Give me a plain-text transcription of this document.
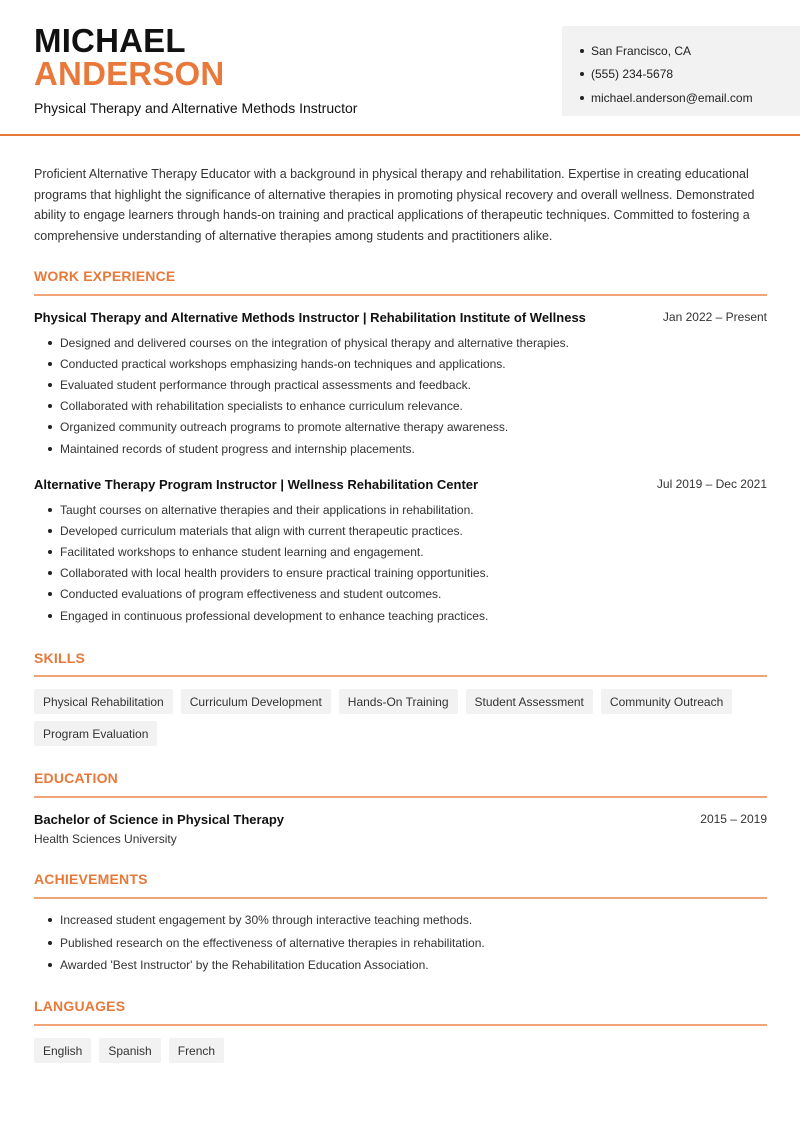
MICHAEL
ANDERSON
Physical Therapy and Alternative Methods Instructor
San Francisco, CA
(555) 234-5678
michael.anderson@email.com
Proficient Alternative Therapy Educator with a background in physical therapy and rehabilitation. Expertise in creating educational programs that highlight the significance of alternative therapies in promoting physical recovery and overall wellness. Demonstrated ability to engage learners through hands-on training and practical applications of therapeutic techniques. Committed to fostering a comprehensive understanding of alternative therapies among students and practitioners alike.
WORK EXPERIENCE
Physical Therapy and Alternative Methods Instructor | Rehabilitation Institute of Wellness	Jan 2022 – Present
Designed and delivered courses on the integration of physical therapy and alternative therapies.
Conducted practical workshops emphasizing hands-on techniques and applications.
Evaluated student performance through practical assessments and feedback.
Collaborated with rehabilitation specialists to enhance curriculum relevance.
Organized community outreach programs to promote alternative therapy awareness.
Maintained records of student progress and internship placements.
Alternative Therapy Program Instructor | Wellness Rehabilitation Center	Jul 2019 – Dec 2021
Taught courses on alternative therapies and their applications in rehabilitation.
Developed curriculum materials that align with current therapeutic practices.
Facilitated workshops to enhance student learning and engagement.
Collaborated with local health providers to ensure practical training opportunities.
Conducted evaluations of program effectiveness and student outcomes.
Engaged in continuous professional development to enhance teaching practices.
SKILLS
Physical Rehabilitation	Curriculum Development	Hands-On Training	Student Assessment	Community Outreach
Program Evaluation
EDUCATION
Bachelor of Science in Physical Therapy	2015 – 2019
Health Sciences University
ACHIEVEMENTS
Increased student engagement by 30% through interactive teaching methods.
Published research on the effectiveness of alternative therapies in rehabilitation.
Awarded 'Best Instructor' by the Rehabilitation Education Association.
LANGUAGES
English	Spanish	French
